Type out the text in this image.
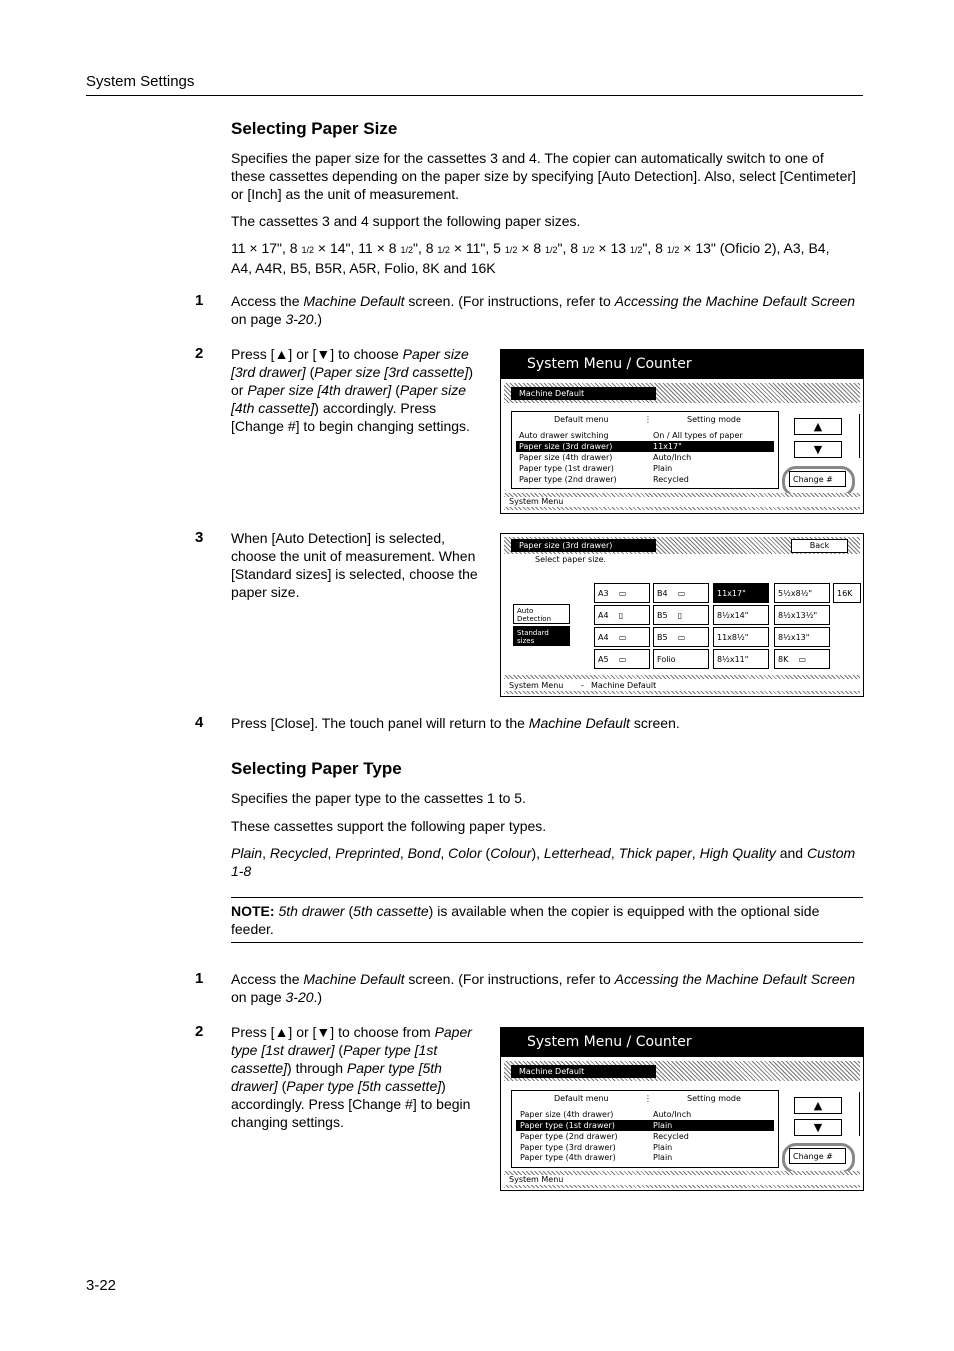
System Settings
Selecting Paper Size
Specifies the paper size for the cassettes 3 and 4. The copier can automatically switch to one of these cassettes depending on the paper size by specifying [Auto Detection]. Also, select [Centimeter] or [Inch] as the unit of measurement.
The cassettes 3 and 4 support the following paper sizes.
11 × 17", 8 1/2 × 14", 11 × 8 1/2", 8 1/2 × 11", 5 1/2 × 8 1/2", 8 1/2 × 13 1/2", 8 1/2 × 13" (Oficio 2), A3, B4,
A4, A4R, B5, B5R, A5R, Folio, 8K and 16K
1 Access the Machine Default screen. (For instructions, refer to Accessing the Machine Default Screen on page 3-20.)
2 Press [▲] or [▼] to choose Paper size [3rd drawer] (Paper size [3rd cassette]) or Paper size [4th drawer] (Paper size [4th cassette]) accordingly. Press [Change #] to begin changing settings.
System Menu / Counter
Machine Default
Default menu	⋮	Setting mode
Auto drawer switching	On / All types of paper
Paper size (3rd drawer)	11x17"
Paper size (4th drawer)	Auto/Inch
Paper type (1st drawer)	Plain
Paper type (2nd drawer)	Recycled
▲
▼
Change #
System Menu
3 When [Auto Detection] is selected, choose the unit of measurement. When [Standard sizes] is selected, choose the paper size.
Paper size (3rd drawer)	Back
Select paper size.
Auto Detection
Standard sizes
A3    ▭	B4    ▭	11x17"	5½x8½"	16K
A4    ▯	B5    ▯	8½x14"	8½x13½"
A4    ▭	B5    ▭	11x8½"	8½x13"
A5    ▭	Folio	8½x11"	8K    ▭
System Menu - Machine Default
4 Press [Close]. The touch panel will return to the Machine Default screen.
Selecting Paper Type
Specifies the paper type to the cassettes 1 to 5.
These cassettes support the following paper types.
Plain, Recycled, Preprinted, Bond, Color (Colour), Letterhead, Thick paper, High Quality and Custom 1-8
NOTE: 5th drawer (5th cassette) is available when the copier is equipped with the optional side feeder.
1 Access the Machine Default screen. (For instructions, refer to Accessing the Machine Default Screen on page 3-20.)
2 Press [▲] or [▼] to choose from Paper type [1st drawer] (Paper type [1st cassette]) through Paper type [5th drawer] (Paper type [5th cassette]) accordingly. Press [Change #] to begin changing settings.
System Menu / Counter
Machine Default
Default menu	⋮	Setting mode
Paper size (4th drawer)	Auto/Inch
Paper type (1st drawer)	Plain
Paper type (2nd drawer)	Recycled
Paper type (3rd drawer)	Plain
Paper type (4th drawer)	Plain
▲
▼
Change #
System Menu
3-22
